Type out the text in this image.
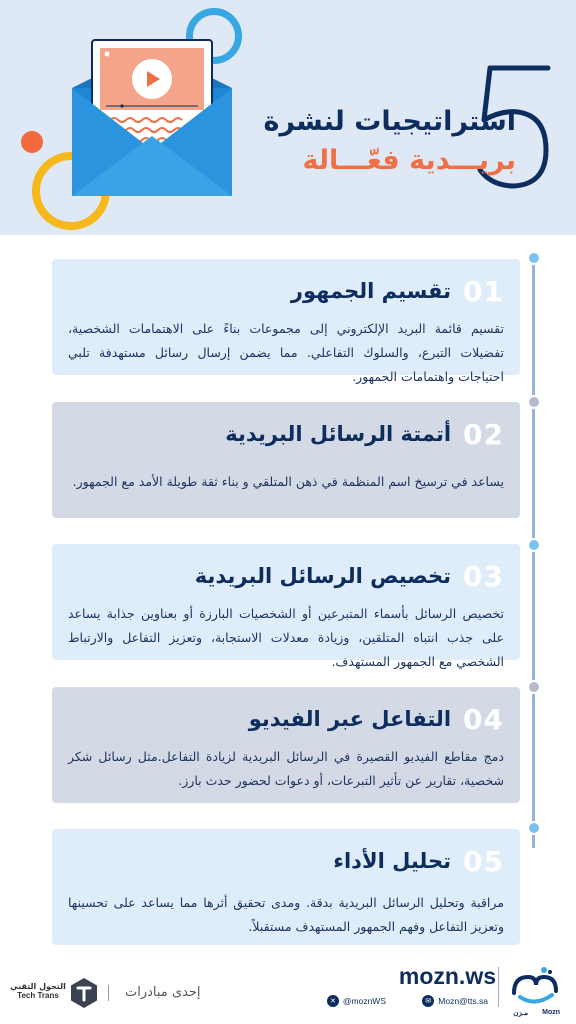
استراتيجيات لنشرة
بريـــدية فعّـــالة
01
تقسيم الجمهور
تقسيم قائمة البريد الإلكتروني إلى مجموعات بناءً على الاهتمامات الشخصية، تفضيلات التبرع، والسلوك التفاعلي. مما يضمن إرسال رسائل مستهدفة تلبي احتياجات واهتمامات الجمهور.
02
أتمتة الرسائل البريدية
يساعد في ترسيخ اسم المنظمة في ذهن المتلقي و بناء ثقة طويلة الأمد مع الجمهور.
03
تخصيص الرسائل البريدية
تخصيص الرسائل بأسماء المتبرعين أو الشخصيات البارزة أو بعناوين جذابة يساعد على جذب انتباه المتلقين، وزيادة معدلات الاستجابة، وتعزيز التفاعل والارتباط الشخصي مع الجمهور المستهدف.
04
التفاعل عبر الفيديو
دمج مقاطع الفيديو القصيرة في الرسائل البريدية لزيادة التفاعل.مثل رسائل شكر شخصية، تقارير عن تأثير التبرعات، أو دعوات لحضور حدث بارز.
05
تحليل الأداء
مراقبة وتحليل الرسائل البريدية بدقة. ومدى تحقيق أثرها مما يساعد على تحسينها وتعزيز التفاعل وفهم الجمهور المستهدف مستقبلاً.
التحول التقني
Tech Trans	إحدى مبادرات
mozn.ws
✕ @moznWS	✉ Mozn@tts.sa
مـزن Mozn
